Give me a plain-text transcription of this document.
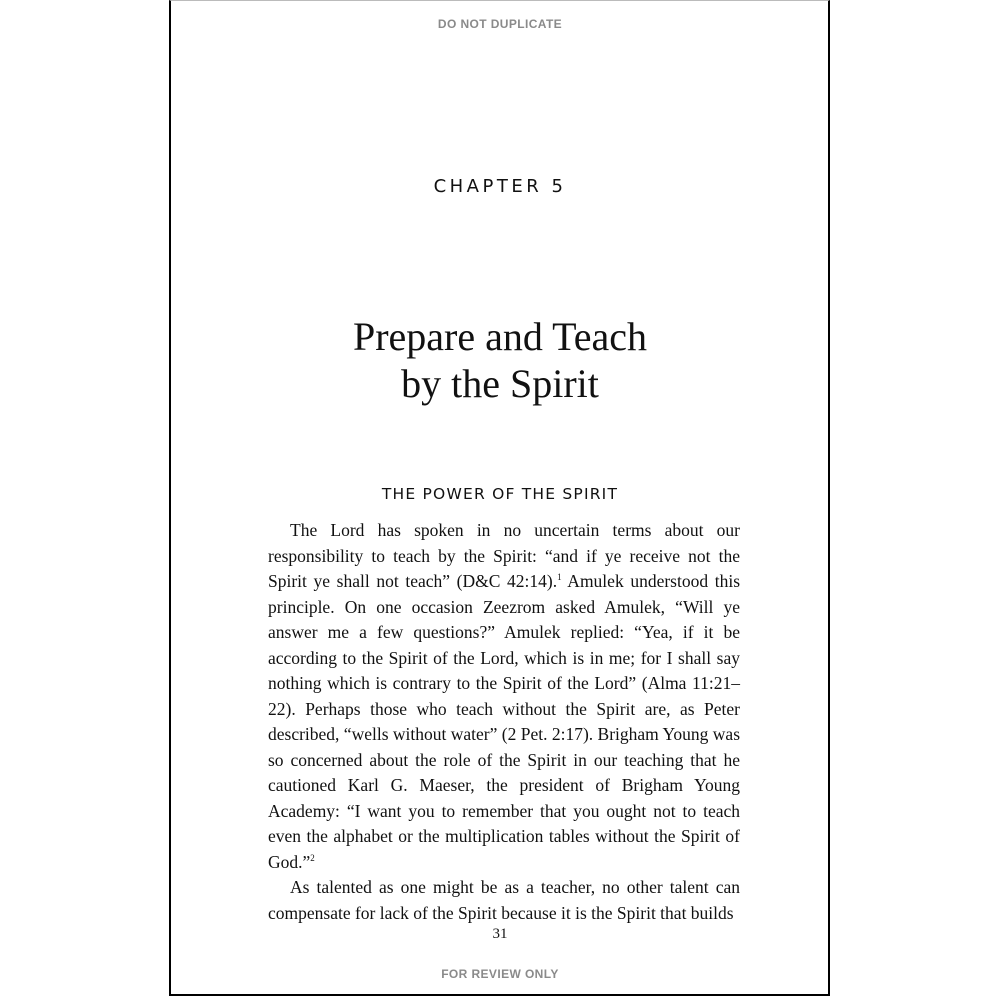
DO NOT DUPLICATE
CHAPTER 5
Prepare and Teach
by the Spirit
THE POWER OF THE SPIRIT

The Lord has spoken in no uncertain terms about our responsibility to teach by the Spirit: “and if ye receive not the Spirit ye shall not teach” (D&C 42:14).$^1$ Amulek understood this principle. On one occasion Zeezrom asked Amulek, “Will ye answer me a few questions?” Amulek replied: “Yea, if it be according to the Spirit of the Lord, which is in me; for I shall say nothing which is contrary to the Spirit of the Lord” (Alma 11:21–22). Perhaps those who teach without the Spirit are, as Peter described, “wells without water” (2 Pet. 2:17). Brigham Young was so concerned about the role of the Spirit in our teaching that he cautioned Karl G. Maeser, the president of Brigham Young Academy: “I want you to remember that you ought not to teach even the alphabet or the multiplication tables without the Spirit of God.”$^2$

As talented as one might be as a teacher, no other talent can compensate for lack of the Spirit because it is the Spirit that builds

31
FOR REVIEW ONLY
